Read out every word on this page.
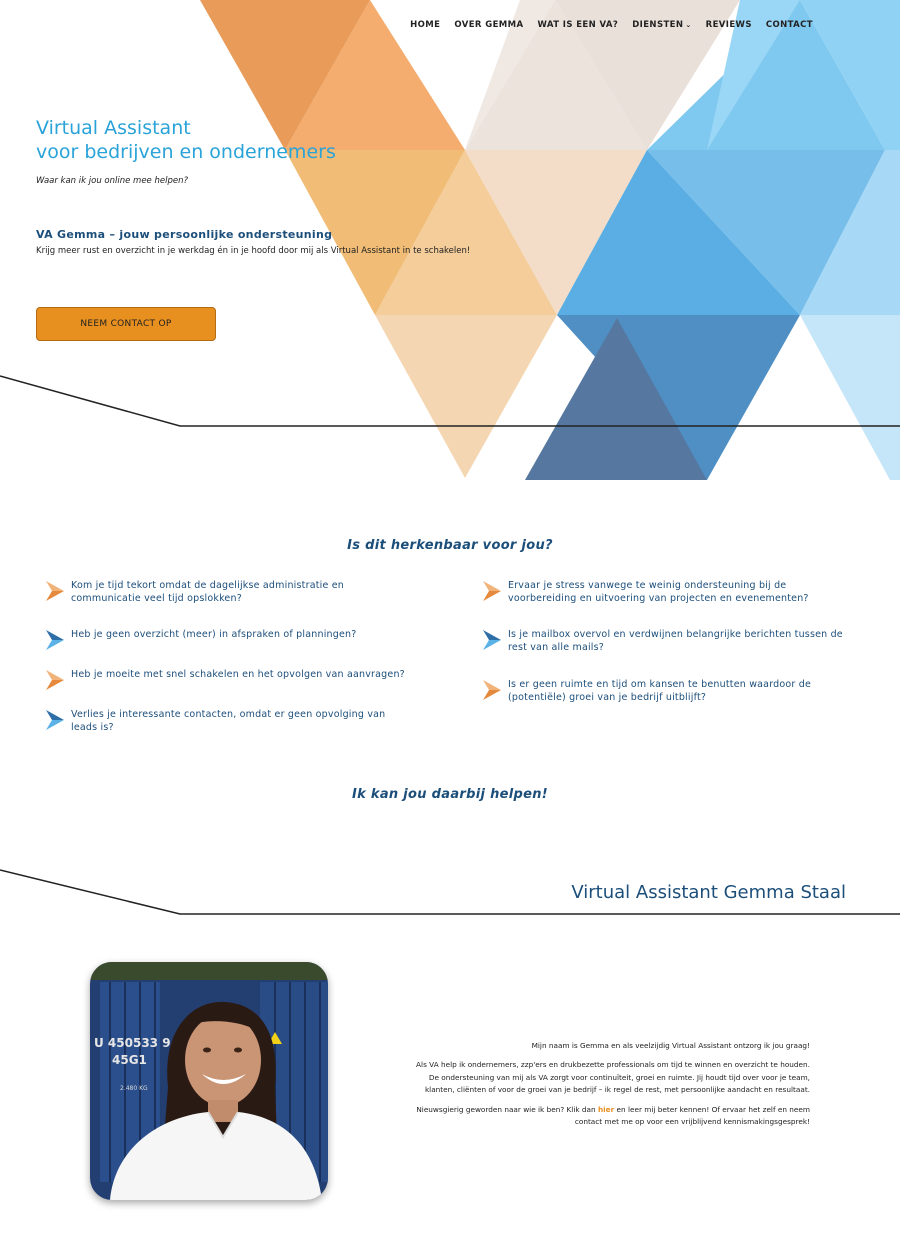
HOME OVER GEMMA WAT IS EEN VA? DIENSTEN ⌄ REVIEWS CONTACT
Virtual Assistant
voor bedrijven en ondernemers
Waar kan ik jou online mee helpen?
VA Gemma – jouw persoonlijke ondersteuning
Krijg meer rust en overzicht in je werkdag én in je hoofd door mij als Virtual Assistant in te schakelen!
NEEM CONTACT OP
Is dit herkenbaar voor jou?
Kom je tijd tekort omdat de dagelijkse administratie en communicatie veel tijd opslokken?
Heb je geen overzicht (meer) in afspraken of planningen?
Heb je moeite met snel schakelen en het opvolgen van aanvragen?
Verlies je interessante contacten, omdat er geen opvolging van leads is?
Ervaar je stress vanwege te weinig ondersteuning bij de voorbereiding en uitvoering van projecten en evenementen?
Is je mailbox overvol en verdwijnen belangrijke berichten tussen de rest van alle mails?
Is er geen ruimte en tijd om kansen te benutten waardoor de (potentiële) groei van je bedrijf uitblijft?
Ik kan jou daarbij helpen!
Virtual Assistant Gemma Staal
U 450533 9
45G1
2.480 KG

Mijn naam is Gemma en als veelzijdig Virtual Assistant ontzorg ik jou graag!

Als VA help ik ondernemers, zzp'ers en drukbezette professionals om tijd te winnen en overzicht te houden. De ondersteuning van mij als VA zorgt voor continuïteit, groei en ruimte. Jij houdt tijd over voor je team, klanten, cliënten of voor de groei van je bedrijf – ik regel de rest, met persoonlijke aandacht en resultaat.

Nieuwsgierig geworden naar wie ik ben? Klik dan hier en leer mij beter kennen! Of ervaar het zelf en neem contact met me op voor een vrijblijvend kennismakingsgesprek!
